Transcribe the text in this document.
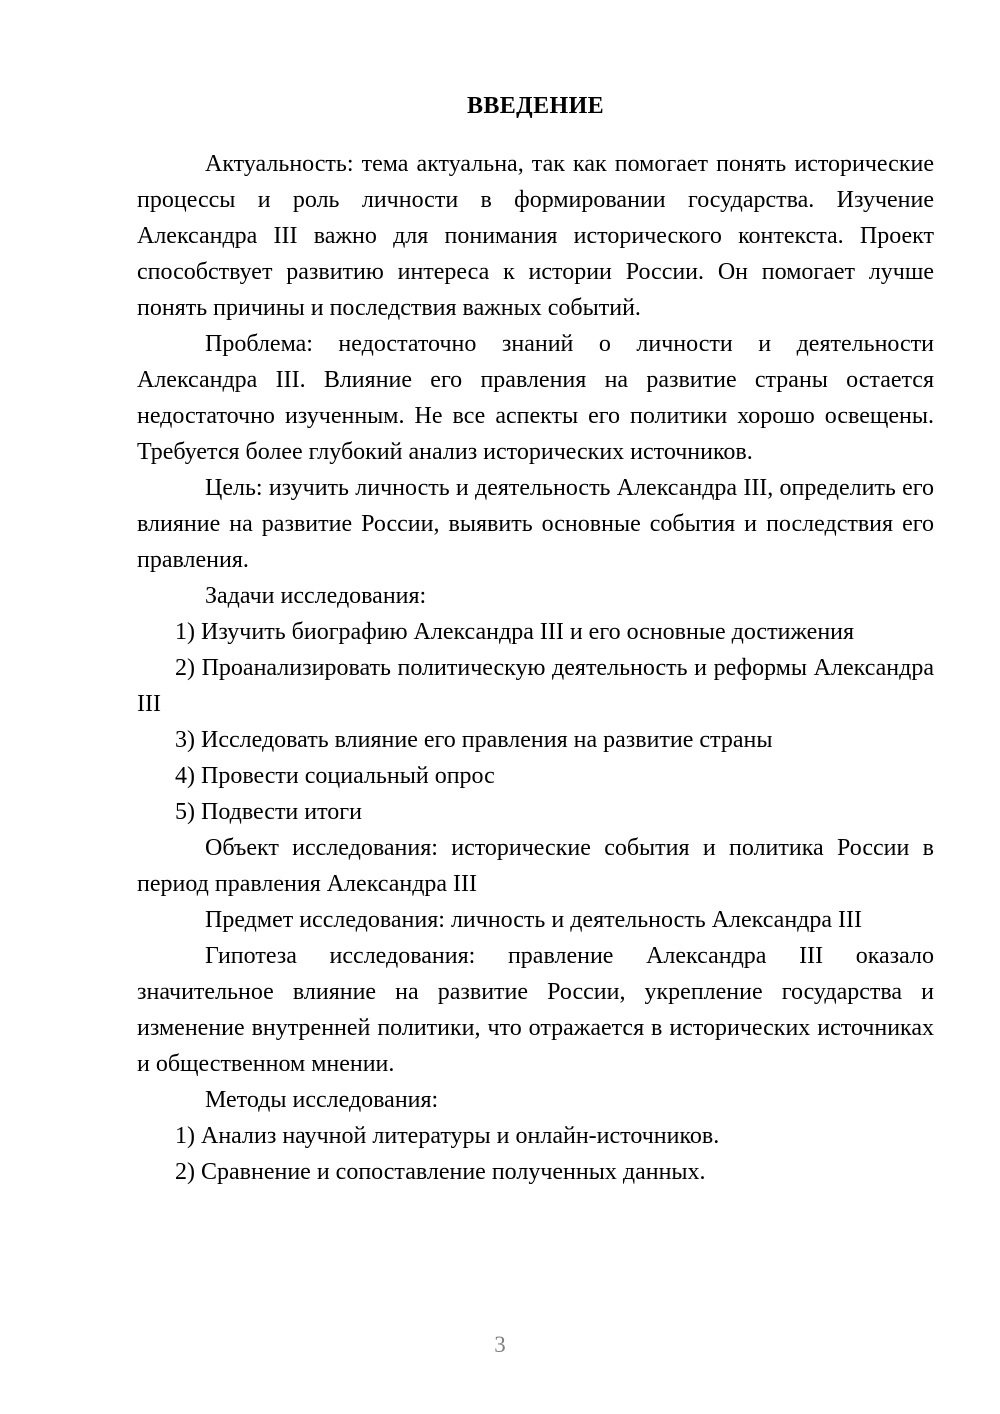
ВВЕДЕНИЕ

Актуальность: тема актуальна, так как помогает понять исторические процессы и роль личности в формировании государства. Изучение Александра III важно для понимания исторического контекста. Проект способствует развитию интереса к истории России. Он помогает лучше понять причины и последствия важных событий.

Проблема: недостаточно знаний о личности и деятельности Александра III. Влияние его правления на развитие страны остается недостаточно изученным. Не все аспекты его политики хорошо освещены. Требуется более глубокий анализ исторических источников.

Цель: изучить личность и деятельность Александра III, определить его влияние на развитие России, выявить основные события и последствия его правления.

Задачи исследования:

1) Изучить биографию Александра III и его основные достижения

2) Проанализировать политическую деятельность и реформы Александра III

3) Исследовать влияние его правления на развитие страны

4) Провести социальный опрос

5) Подвести итоги

Объект исследования: исторические события и политика России в период правления Александра III

Предмет исследования: личность и деятельность Александра III

Гипотеза исследования: правление Александра III оказало значительное влияние на развитие России, укрепление государства и изменение внутренней политики, что отражается в исторических источниках и общественном мнении.

Методы исследования:

1) Анализ научной литературы и онлайн-источников.

2) Сравнение и сопоставление полученных данных.

3
